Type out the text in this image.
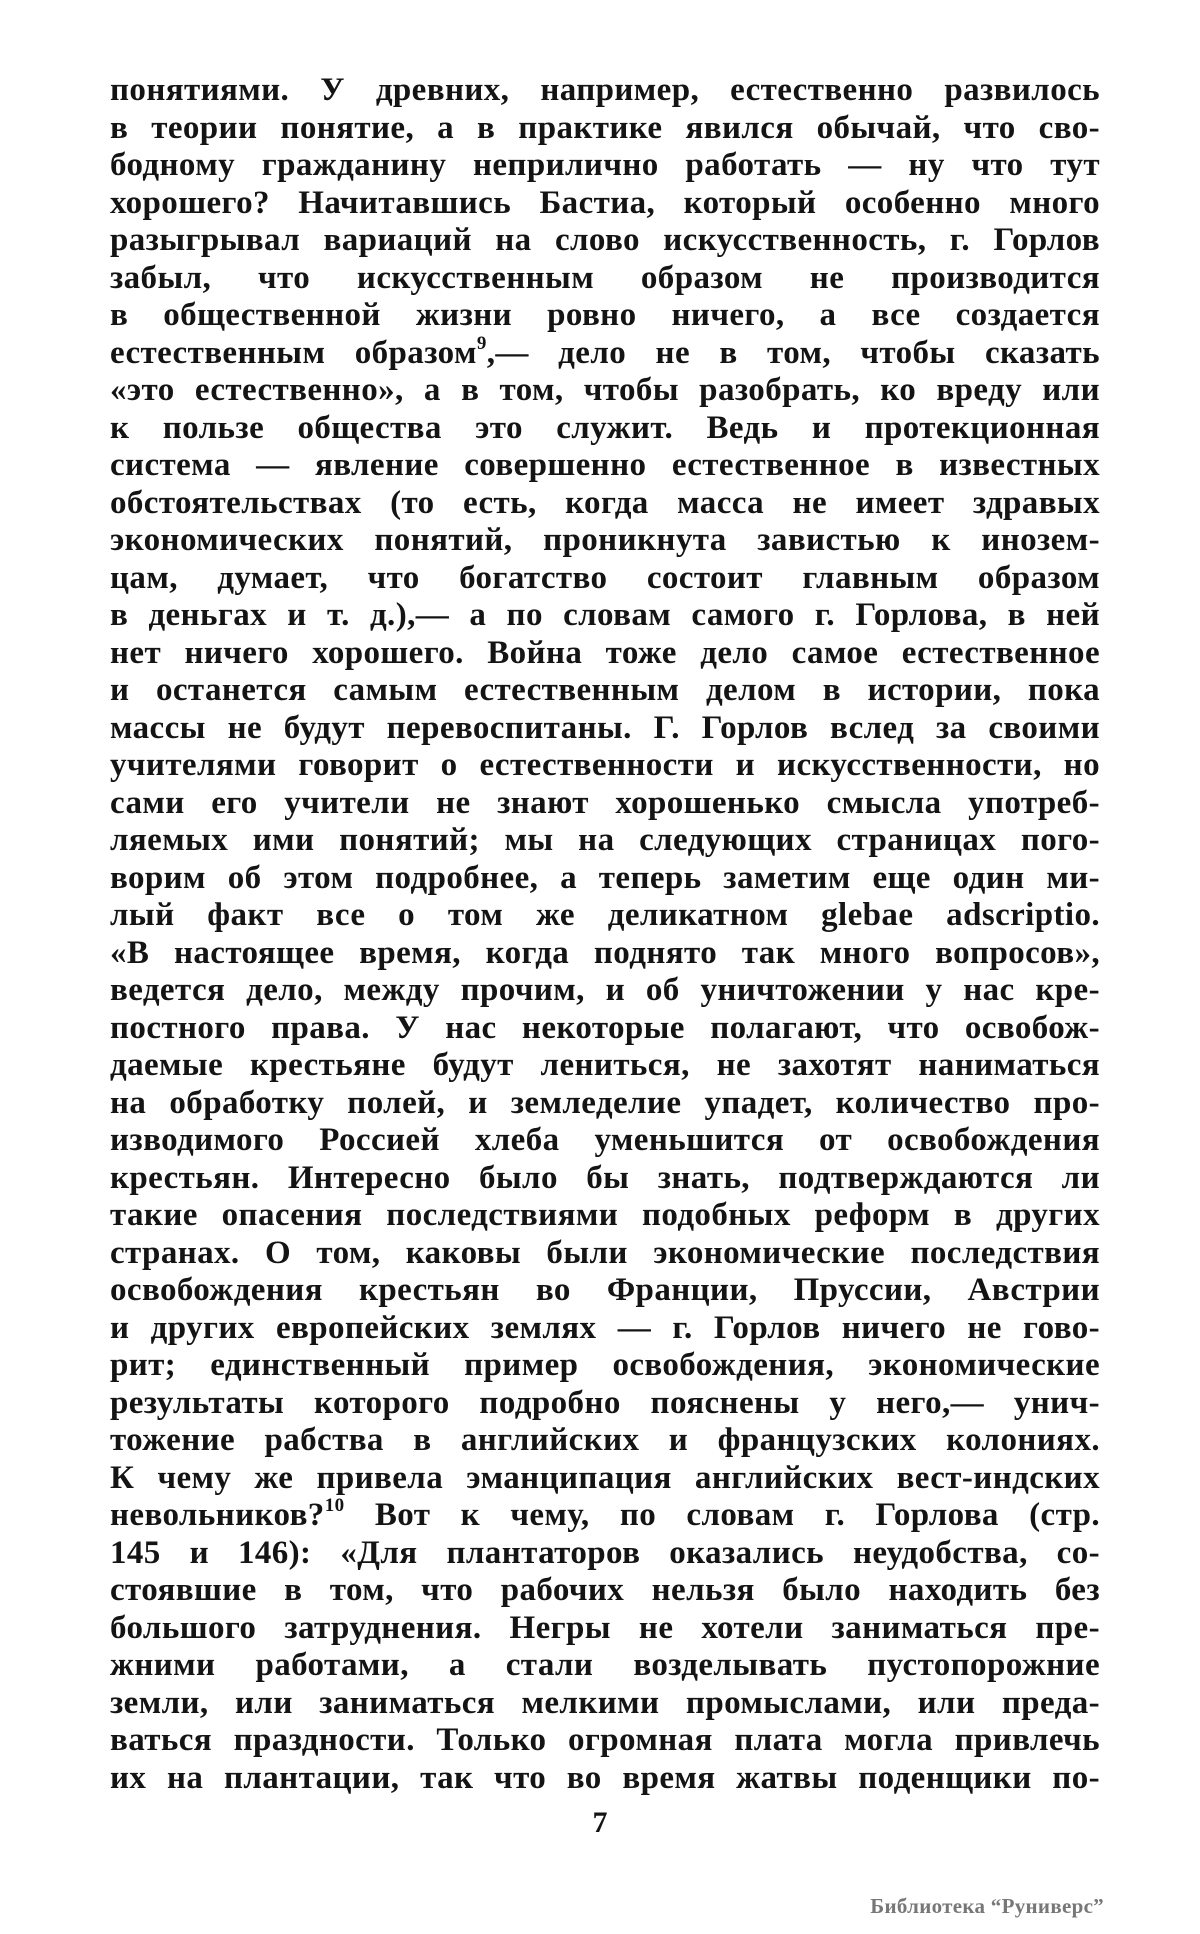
понятиями. У древних, например, естественно развилось
в теории понятие, а в практике явился обычай, что сво-
бодному гражданину неприлично работать — ну что тут
хорошего? Начитавшись Бастиа, который особенно много
разыгрывал вариаций на слово искусственность, г. Горлов
забыл, что искусственным образом не производится
в общественной жизни ровно ничего, а все создается
естественным образом$^9$,— дело не в том, чтобы сказать
«это естественно», а в том, чтобы разобрать, ко вреду или
к пользе общества это служит. Ведь и протекционная
система — явление совершенно естественное в известных
обстоятельствах (то есть, когда масса не имеет здравых
экономических понятий, проникнута завистью к инозем-
цам, думает, что богатство состоит главным образом
в деньгах и т. д.),— а по словам самого г. Горлова, в ней
нет ничего хорошего. Война тоже дело самое естественное
и останется самым естественным делом в истории, пока
массы не будут перевоспитаны. Г. Горлов вслед за своими
учителями говорит о естественности и искусственности, но
сами его учители не знают хорошенько смысла употреб-
ляемых ими понятий; мы на следующих страницах пого-
ворим об этом подробнее, а теперь заметим еще один ми-
лый факт все о том же деликатном glebae adscriptio.
«В настоящее время, когда поднято так много вопросов»,
ведется дело, между прочим, и об уничтожении у нас кре-
постного права. У нас некоторые полагают, что освобож-
даемые крестьяне будут лениться, не захотят наниматься
на обработку полей, и земледелие упадет, количество про-
изводимого Россией хлеба уменьшится от освобождения
крестьян. Интересно было бы знать, подтверждаются ли
такие опасения последствиями подобных реформ в других
странах. О том, каковы были экономические последствия
освобождения крестьян во Франции, Пруссии, Австрии
и других европейских землях — г. Горлов ничего не гово-
рит; единственный пример освобождения, экономические
результаты которого подробно пояснены у него,— унич-
тожение рабства в английских и французских колониях.
К чему же привела эманципация английских вест-индских
невольников?$^{10}$ Вот к чему, по словам г. Горлова (стр.
145 и 146): «Для плантаторов оказались неудобства, со-
стоявшие в том, что рабочих нельзя было находить без
большого затруднения. Негры не хотели заниматься пре-
жними работами, а стали возделывать пустопорожние
земли, или заниматься мелкими промыслами, или преда-
ваться праздности. Только огромная плата могла привлечь
их на плантации, так что во время жатвы поденщики по-
7
Библиотека “Руниверс”
